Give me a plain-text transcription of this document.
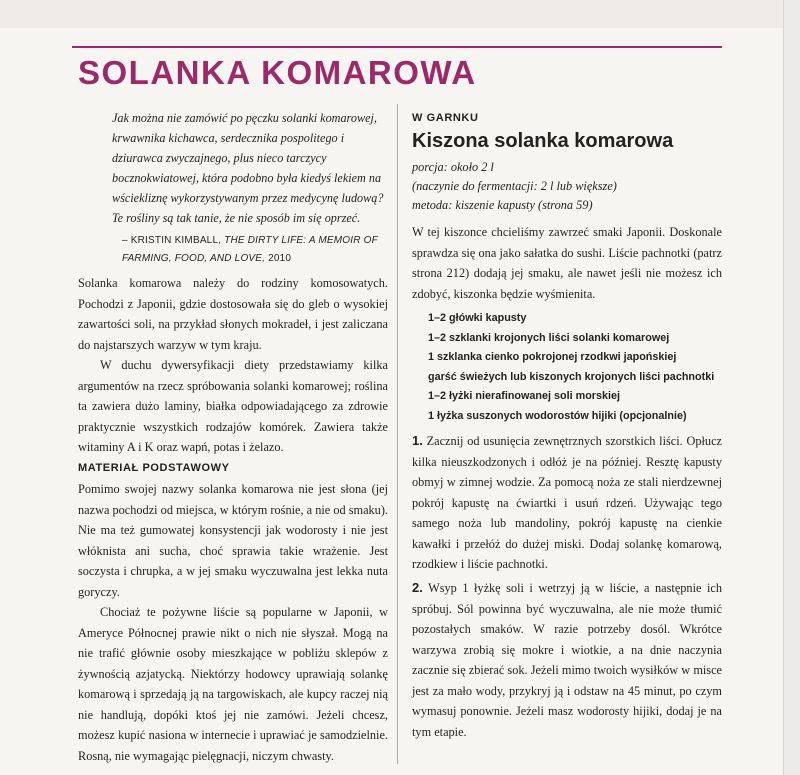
SOLANKA KOMAROWA

Jak można nie zamówić po pęczku solanki komarowej, krwawnika kichawca, serdecznika pospolitego i dziurawca zwyczajnego, plus nieco tarczycy bocznokwiatowej, która podobno była kiedyś lekiem na wściekliznę wykorzystywanym przez medycynę ludową? Te rośliny są tak tanie, że nie sposób im się oprzeć.

– KRISTIN KIMBALL, THE DIRTY LIFE: A MEMOIR OF FARMING, FOOD, AND LOVE, 2010

Solanka komarowa należy do rodziny komosowatych. Pochodzi z Japonii, gdzie dostosowała się do gleb o wysokiej zawartości soli, na przykład słonych mokradeł, i jest zaliczana do najstarszych warzyw w tym kraju.

W duchu dywersyfikacji diety przedstawiamy kilka argumentów na rzecz spróbowania solanki komarowej; roślina ta zawiera dużo laminy, białka odpowiadającego za zdrowie praktycznie wszystkich rodzajów komórek. Zawiera także witaminy A i K oraz wapń, potas i żelazo.

MATERIAŁ PODSTAWOWY

Pomimo swojej nazwy solanka komarowa nie jest słona (jej nazwa pochodzi od miejsca, w którym rośnie, a nie od smaku). Nie ma też gumowatej konsystencji jak wodorosty i nie jest włóknista ani sucha, choć sprawia takie wrażenie. Jest soczysta i chrupka, a w jej smaku wyczuwalna jest lekka nuta goryczy.

Chociaż te pożywne liście są popularne w Japonii, w Ameryce Północnej prawie nikt o nich nie słyszał. Mogą na nie trafić głównie osoby mieszkające w pobliżu sklepów z żywnością azjatycką. Niektórzy hodowcy uprawiają solankę komarową i sprzedają ją na targowiskach, ale kupcy raczej nią nie handlują, dopóki ktoś jej nie zamówi. Jeżeli chcesz, możesz kupić nasiona w internecie i uprawiać je samodzielnie. Rosną, nie wymagając pielęgnacji, niczym chwasty.

W GARNKU
Kiszona solanka komarowa
porcja: około 2 l
(naczynie do fermentacji: 2 l lub większe)
metoda: kiszenie kapusty (strona 59)

W tej kiszonce chcieliśmy zawrzeć smaki Japonii. Doskonale sprawdza się ona jako sałatka do sushi. Liście pachnotki (patrz strona 212) dodają jej smaku, ale nawet jeśli nie możesz ich zdobyć, kiszonka będzie wyśmienita.

1–2 główki kapusty
1–2 szklanki krojonych liści solanki komarowej
1 szklanka cienko pokrojonej rzodkwi japońskiej
garść świeżych lub kiszonych krojonych liści pachnotki
1–2 łyżki nierafinowanej soli morskiej
1 łyżka suszonych wodorostów hijiki (opcjonalnie)

1. Zacznij od usunięcia zewnętrznych szorstkich liści. Opłucz kilka nieuszkodzonych i odłóż je na później. Resztę kapusty obmyj w zimnej wodzie. Za pomocą noża ze stali nierdzewnej pokrój kapustę na ćwiartki i usuń rdzeń. Używając tego samego noża lub mandoliny, pokrój kapustę na cienkie kawałki i przełóż do dużej miski. Dodaj solankę komarową, rzodkiew i liście pachnotki.

2. Wsyp 1 łyżkę soli i wetrzyj ją w liście, a następnie ich spróbuj. Sól powinna być wyczuwalna, ale nie może tłumić pozostałych smaków. W razie potrzeby dosól. Wkrótce warzywa zrobią się mokre i wiotkie, a na dnie naczynia zacznie się zbierać sok. Jeżeli mimo twoich wysiłków w misce jest za mało wody, przykryj ją i odstaw na 45 minut, po czym wymasuj ponownie. Jeżeli masz wodorosty hijiki, dodaj je na tym etapie.
